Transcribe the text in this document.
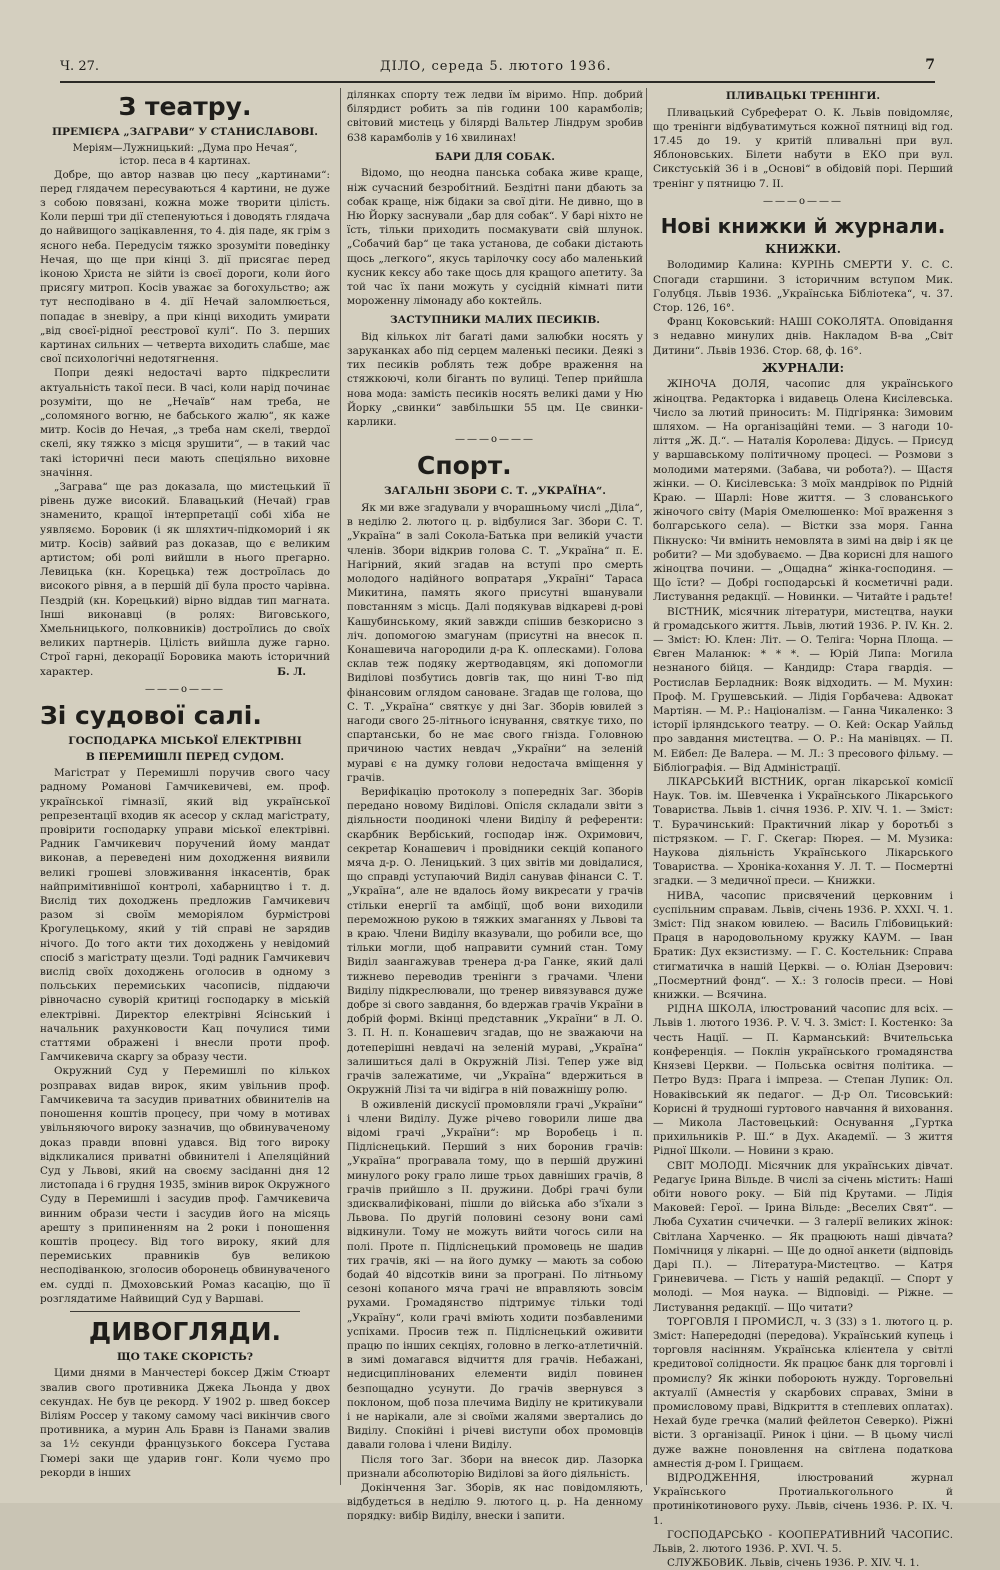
Ч. 27.	ДІЛО, середа 5. лютого 1936.	7
З театру.
ПРЕМІЄРА „ЗАГРАВИ“ У СТАНИСЛАВОВІ.
Мерiям—Лужницький: „Дума про Нечая“,
істор. песа в 4 картинах.

Добре, що автор назвав цю песу „картинами“: перед глядачем пересуваються 4 картини, не дуже з собою повязані, кожна може творити цілість. Коли перші три дії степенуються і доводять глядача до найвищого зацікавлення, то 4. дія паде, як грім з ясного неба. Передусім тяжко зрозуміти поведінку Нечая, що ще при кінці 3. дії присягає перед іконою Христа не зійти із своєї дороги, коли його присягу митроп. Косів уважає за богохульство; аж тут несподівано в 4. дії Нечай заломлюється, попадає в зневіру, а при кінці виходить умирати „від своєї-рідної реєстрової кулі“. По 3. перших картинах сильних — четверта виходить слабше, має свої психологічні недотягнення.

Попри деякі недостачі варто підкреслити актуальність такої песи. В часі, коли нарід починає розуміти, що не „Нечаїв“ нам треба, не „соломяного вогню, не бабського жалю“, як каже митр. Косів до Нечая, „з треба нам скелі, твердої скелі, яку тяжко з місця зрушити“, — в такий час такі історичні песи мають спеціяльно виховне значіння.

„Заграва“ ще раз доказала, що мистецький її рівень дуже високий. Блавацький (Нечай) грав знаменито, кращої інтерпретації собі хіба не уявляємо. Боровик (і як шляхтич-підкоморий і як митр. Косів) зайвий раз доказав, що є великим артистом; обі ролі вийшли в нього прегарно. Левицька (кн. Корецька) теж достроїлась до високого рівня, а в першій дії була просто чарівна. Пездрій (кн. Корецький) вірно віддав тип магната. Інші виконавці (в ролях: Виговського, Хмельницького, полковників) достроїлись до своїх великих партнерів. Цілість вийшла дуже гарно. Строї гарні, декорації Боровика мають історичний характер.	Б. Л.
———o———
Зі судової салі.
ГОСПОДАРКА МІСЬКОЇ ЕЛЕКТРІВНІ
В ПЕРЕМИШЛІ ПЕРЕД СУДОМ.

Магістрат у Перемишлі поручив свого часу радному Романові Гамчикевичеві, ем. проф. української гімназії, який від української репрезентації входив як асесор у склад магістрату, провірити господарку управи міської електрівні. Радник Гамчикевич поручений йому мандат виконав, а переведені ним доходження виявили великі грошеві зловживання інкасентів, брак найпримітивнішої контролі, хабарництво і т. д. Вислід тих доходжень предложив Гамчикевич разом зі своїм меморіялом бурмістрові Крогулецькому, який у тій справі не зарядив нічого. До того акти тих доходжень у невідомий спосіб з магістрату щезли. Тоді радник Гамчикевич вислід своїх доходжень оголосив в одному з польських перемиських часописів, піддаючи рівночасно суворій критиці господарку в міській електрівні. Директор електрівні Ясінський і начальник рахунковости Кац почулися тими статтями ображені і внесли проти проф. Гамчикевича скаргу за образу чести.

Окружний Суд у Перемишлі по кількох розправах видав вирок, яким увільнив проф. Гамчикевича та засудив приватних обвинителів на поношення коштів процесу, при чому в мотивах увільняючого вироку зазначив, що обвинуваченому доказ правди вповні удався. Від того вироку відкликалися приватні обвинителі і Апеляційний Суд у Львові, який на своєму засіданні дня 12 листопада і 6 грудня 1935, змінив вирок Окружного Суду в Перемишлі і засудив проф. Гамчикевича винним образи чести і засудив його на місяць арешту з припиненням на 2 роки і поношення коштів процесу. Від того вироку, який для перемиських правників був великою несподіванкою, зголосив оборонець обвинуваченого ем. судді п. Дмоховський Ромаз касацію, що її розглядатиме Найвищий Суд у Варшаві.

ДИВОГЛЯДИ.
ЩО ТАКЕ СКОРІСТЬ?

Цими днями в Манчестері боксер Джім Стюарт звалив свого противника Джека Льонда у двох секундах. Не був це рекорд. У 1902 р. швед боксер Віліям Россер у такому самому часі викінчив свого противника, а мурин Аль Бравн із Панами звалив за 1½ секунди французького боксера Густава Гюмері заки ще ударив гонг. Коли чуємо про рекорди в інших

ділянках спорту теж ледви їм віримо. Нпр. добрий білярдист робить за пів години 100 карамболів; світовий мистець у білярді Вальтер Ліндрум зробив 638 карамболів у 16 хвилинах!

БАРИ ДЛЯ СОБАК.

Відомо, що неодна панська собака живе краще, ніж сучасний безробітний. Бездітні пани дбають за собак краще, ніж бідаки за свої діти. Не дивно, що в Ню Йорку заснували „бар для собак“. У барі ніхто не їсть, тільки приходить посмакувати свій шлунок. „Собачий бар“ це така установа, де собаки дістають щось „легкого“, якусь тарілочку сосу або маленький кусник кексу або таке щось для кращого апетиту. За той час їх пани можуть у сусідній кімнаті пити мороженну лімонаду або коктейль.

ЗАСТУПНИКИ МАЛИХ ПЕСИКІВ.

Від кількох літ багаті дами залюбки носять у заруканках або під серцем маленькі песики. Деякі з тих песиків роблять теж добре враження на стяжкоючі, коли біганть по вулиці. Тепер прийшла нова мода: замість песиків носять великі дами у Ню Йорку „свинки“ завбільшки 55 цм. Це свинки-карлики.

———o———
Спорт.
ЗАГАЛЬНІ ЗБОРИ С. Т. „УКРАЇНА“.

Як ми вже згадували у вчорашньому числі „Діла“, в неділю 2. лютого ц. р. відбулися Заг. Збори С. Т. „Україна“ в залі Сокола-Батька при великій участи членів. Збори відкрив голова С. Т. „Україна“ п. Е. Нагірний, який згадав на вступі про смерть молодого надійного вопратаря „Україні“ Тараса Микитина, память якого присутні вшанували повстанням з місць. Далі подякував відкареві д-рові Кашубинському, який завжди спішив безкорисно з ліч. допомогою змагунам (присутні на внесок п. Конашевича нагородили д-ра К. оплесками). Голова склав теж подяку жертводавцям, які допомогли Виділові позбутись довгів так, що нині Т-во під фінансовим оглядом сановане. Згадав ще голова, що С. Т. „Україна“ святкує у дні Заг. Зборів ювилей з нагоди свого 25-літнього існування, святкує тихо, по спартанськи, бо не має свого гнізда. Головною причиною частих невдач „України“ на зеленій мураві є на думку голови недостача вміщення у грачів.

Верифікацію протоколу з попередніх Заг. Зборів передано новому Виділові. Опісля складали звіти з діяльности поодинокі члени Виділу й референти: скарбник Вербіський, господар інж. Охримович, секретар Конашевич і провідники секцій копаного мяча д-р. О. Леницький. З цих звітів ми довідалися, що справді уступаючий Виділ санував фінанси С. Т. „Україна“, але не вдалось йому викресати у грачів стільки енергії та амбіції, щоб вони виходили переможною рукою в тяжких змаганнях у Львові та в краю. Члени Виділу вказували, що робили все, що тільки могли, щоб направити сумний стан. Тому Виділ заангажував тренера д-ра Ганке, який далі тижнево переводив тренінги з грачами. Члени Виділу підкреслювали, що тренер вивязувався дуже добре зі свого завдання, бо вдержав грачів України в добрій формі. Вкінці представник „України“ в Л. О. З. П. Н. п. Конашевич згадав, що не зважаючи на дотеперішні невдачі на зеленій мураві, „Україна“ залишиться далі в Окружній Лізі. Тепер уже від грачів залежатиме, чи „Україна“ вдержиться в Окружній Лізі та чи відігра в ній поважнішу ролю.

В оживленій дискусії промовляли грачі „України“ і члени Виділу. Дуже річево говорили лише два відомі грачі „України“: мр Воробець і п. Підліснецький. Перший з них боронив грачів: „Україна“ програвала тому, що в першій дружині минулого року грало лише трьох давніших грачів, 8 грачів прийшло з II. дружини. Добрі грачі були здисквалифіковані, пішли до війська або з'їхали з Львова. По другій половині сезону вони самі відкинули. Тому не можуть вийти чогось сили на полі. Проте п. Підліснецький промовець не шадив тих грачів, які — на його думку — мають за собою бодай 40 відсотків вини за програні. По літньому сезоні копаного мяча грачі не вправляють зовсім рухами. Громадянство підтримує тільки тоді „Україну“, коли грачі вміють ходити позбавленими успіхами. Просив теж п. Підліснецький оживити працю по інших секціях, головно в легко-атлетичній. в зимі домагався відчиття для грачів. Небажані, недисциплінованих елементи виділ повинен безпощадно усунути. До грачів звернувся з поклоном, щоб поза плечима Виділу не критикували і не нарікали, але зі своїми жалями звертались до Виділу. Спокійні і річеві виступи обох промовців давали голова і члени Виділу.

Після того Заг. Збори на внесок дир. Лазорка признали абсолюторію Виділові за його діяльність.

Докінчення Заг. Зборів, як нас повідомляють, відбудеться в неділю 9. лютого ц. р. На денному порядку: вибір Виділу, внески і запити.

ПЛИВАЦЬКІ ТРЕНІНГИ.

Пливацький Субреферат О. К. Львів повідомляє, що тренінги відбуватимуться кожної пятниці від год. 17.45 до 19. у критій пливальні при вул. Яблоновських. Білети набути в ЕКО при вул. Сикстуській 36 і в „Основі“ в обідовій порі. Перший тренінг у пятницю 7. II.

———o———
Нові книжки й журнали.
КНИЖКИ.

Володимир Калина: КУРІНЬ СМЕРТИ У. С. С. Спогади старшини. З історичним вступом Мик. Голубця. Львів 1936. „Українська Бібліотека“, ч. 37. Стор. 126, 16°.

Франц Коковський: НАШІ СОКОЛЯТА. Оповідання з недавно минулих днів. Накладом В-ва „Світ Дитини“. Львів 1936. Стор. 68, ф. 16°.

ЖУРНАЛИ:

ЖІНОЧА ДОЛЯ, часопис для українського жіноцтва. Редакторка і видавець Олена Кисілевська. Число за лютий приносить: М. Підгірянка: Зимовим шляхом. — На організаційні теми. — З нагоди 10-ліття „Ж. Д.“. — Наталія Королева: Дідусь. — Присуд у варшавському політичному процесі. — Розмови з молодими матерями. (Забава, чи робота?). — Щастя жінки. — О. Кисілевська: З моїх мандрівок по Рідній Краю. — Шарлі: Нове життя. — З слованського жіночого світу (Марія Омелюшенко: Мої враження з болгарського села). — Вістки зза моря. Ганна Пікнуско: Чи вмінить немовлята в зимі на двір і як це робити? — Ми здобуваємо. — Два корисні для нашого жіноцтва почини. — „Ощадна“ жінка-господиня. — Що їсти? — Добрі господарські й косметичні ради. Листування редакції. — Новинки. — Читайте і радьте!

ВІСТНИК, місячник літератури, мистецтва, науки й громадського життя. Львів, лютий 1936. Р. IV. Кн. 2. — Зміст: Ю. Клен: Літ. — О. Теліга: Чорна Площа. — Євген Маланюк: * * *. — Юрій Липа: Могила незнаного бійця. — Кандидр: Стара гвардія. — Ростислав Берладник: Вояк відходить. — М. Мухин: Проф. М. Грушевський. — Лідія Горбачева: Адвокат Мартіян. — М. Р.: Націоналізм. — Ганна Чикаленко: З історії ірляндського театру. — О. Кей: Оскар Уайльд про завдання мистецтва. — О. Р.: На манівцях. — П. М. Ейбел: Де Валера. — М. Л.: З пресового фільму. — Бібліографія. — Від Адміністрації.

ЛІКАРСЬКИЙ ВІСТНИК, орган лікарської комісії Наук. Тов. ім. Шевченка і Українського Лікарського Товариства. Львів 1. січня 1936. Р. XIV. Ч. 1. — Зміст: Т. Бурачинський: Практичний лікар у боротьбі з пістрязком. — Г. Г. Скегар: Пюрея. — М. Музика: Наукова діяльність Українського Лікарського Товариства. — Хроніка-кохання У. Л. Т. — Посмертні згадки. — З медичної преси. — Книжки.

НИВА, часопис присвячений церковним і суспільним справам. Львів, січень 1936. Р. XXXI. Ч. 1. Зміст: Під знаком ювилею. — Василь Глібовицький: Праця в народовольному кружку КАУМ. — Іван Братик: Дух екзистизму. — Г. С. Костельник: Справа стигматичка в нашій Церкві. — о. Юліан Дзерович: „Посмертний фонд“. — Х.: З голосів преси. — Нові книжки. — Всячина.

РІДНА ШКОЛА, ілюстрований часопис для всіх. — Львів 1. лютого 1936. Р. V. Ч. 3. Зміст: І. Костенко: За честь Нації. — П. Карманський: Вчительська конференція. — Поклін українського громадянства Князеві Церкви. — Польська освітня політика. — Петро Вудз: Прага і імпреза. — Степан Лупик: Ол. Новаківський як педагог. — Д-р Ол. Тисовський: Корисні й трудноші гуртового навчання й виховання. — Микола Ластовецький: Оснування „Гуртка прихильників Р. Ш.“ в Дух. Академії. — З життя Рідної Школи. — Новини з краю.

СВІТ МОЛОДІ. Місячник для українських дівчат. Редагує Ірина Вільде. В числі за січень містить: Наші обіти нового року. — Бій під Крутами. — Лідія Маковей: Герої. — Ірина Вільде: „Веселих Свят“. — Люба Сухатин счичечки. — 3 галерії великих жінок: Світлана Харченко. — Як працюють наші дівчата? Помічниця у лікарні. — Ще до одної анкети (відповідь Дарі П.). — Література-Мистецтво. — Катря Гриневичева. — Гість у нашій редакції. — Спорт у молоді. — Моя наука. — Відповіді. — Ріжне. — Листування редакції. — Що читати?

ТОРГОВЛЯ І ПРОМИСЛ, ч. 3 (33) з 1. лютого ц. р. Зміст: Напередодні (передова). Український купець і торговля насінням. Українська клієнтела у світлі кредитової солідности. Як працює банк для торговлі і промислу? Як жінки побороють нужду. Торговельні актуалії (Амнестія у скарбових справах, Зміни в промисловому праві, Відкриття в степлевих оплатах). Нехай буде гречка (малий фейлетон Северко). Ріжні вісти. З організації. Ринок і ціни. — В цьому числі дуже важне поновлення на світлена податкова амнестія д-ром І. Грищаєм.

ВІДРОДЖЕННЯ, ілюстрований журнал Українського Протиалькогольного й протинікотинового руху. Львів, січень 1936. Р. IX. Ч. 1.

ГОСПОДАРСЬКО - КООПЕРАТИВНИЙ ЧАСОПИС. Львів, 2. лютого 1936. Р. XVI. Ч. 5.

СЛУЖБОВИК. Львів, січень 1936. Р. XIV. Ч. 1.
